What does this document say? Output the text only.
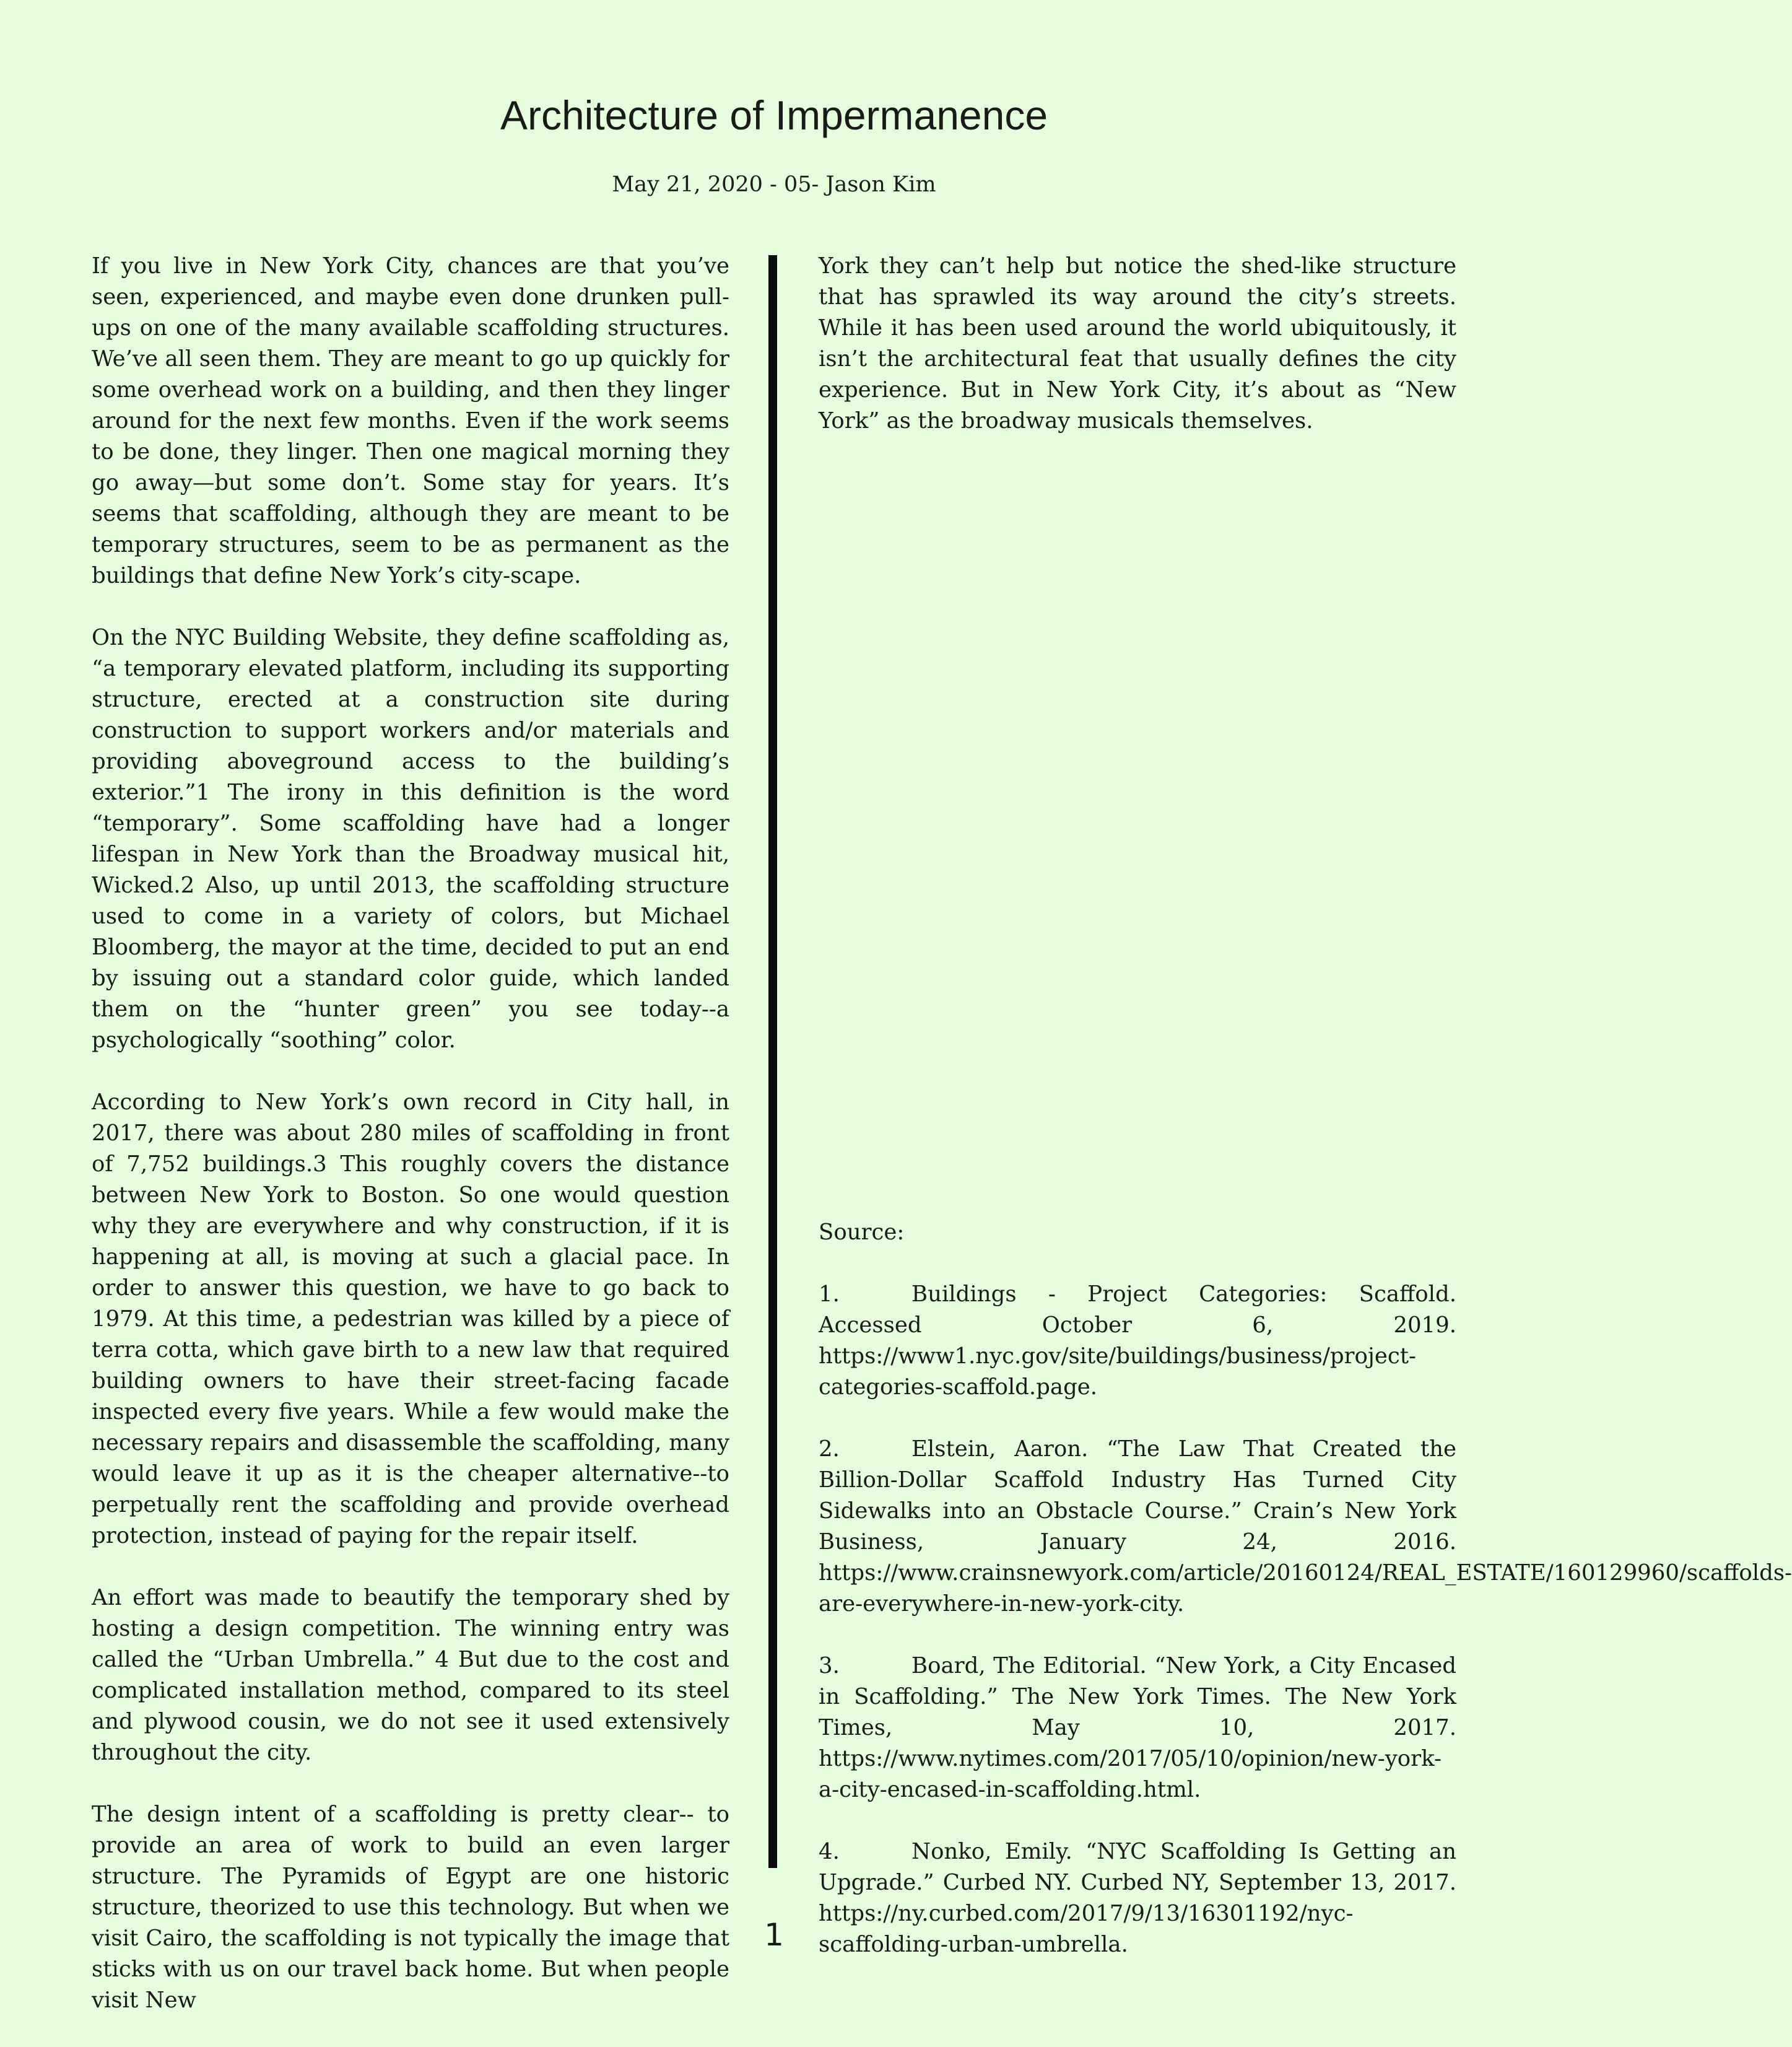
Architecture of Impermanence
May 21, 2020 - 05- Jason Kim

If you live in New York City, chances are that you’ve seen, experienced, and maybe even done drunken pull-ups on one of the many available scaffolding structures. We’ve all seen them. They are meant to go up quickly for some overhead work on a building, and then they linger around for the next few months. Even if the work seems to be done, they linger. Then one magical morning they go away—but some don’t. Some stay for years. It’s seems that scaffolding, although they are meant to be temporary structures, seem to be as permanent as the buildings that define New York’s city-scape.

On the NYC Building Website, they define scaffolding as, “a temporary elevated platform, including its supporting structure, erected at a construction site during construction to support workers and/or materials and providing aboveground access to the building’s exterior.”1 The irony in this definition is the word “temporary”. Some scaffolding have had a longer lifespan in New York than the Broadway musical hit, Wicked.2 Also, up until 2013, the scaffolding structure used to come in a variety of colors, but Michael Bloomberg, the mayor at the time, decided to put an end by issuing out a standard color guide, which landed them on the “hunter green” you see today--a psychologically “soothing” color.

According to New York’s own record in City hall, in 2017, there was about 280 miles of scaffolding in front of 7,752 buildings.3 This roughly covers the distance between New York to Boston. So one would question why they are everywhere and why construction, if it is happening at all, is moving at such a glacial pace. In order to answer this question, we have to go back to 1979. At this time, a pedestrian was killed by a piece of terra cotta, which gave birth to a new law that required building owners to have their street-facing facade inspected every five years. While a few would make the necessary repairs and disassemble the scaffolding, many would leave it up as it is the cheaper alternative--to perpetually rent the scaffolding and provide overhead protection, instead of paying for the repair itself.

An effort was made to beautify the temporary shed by hosting a design competition. The winning entry was called the “Urban Umbrella.” 4 But due to the cost and complicated installation method, compared to its steel and plywood cousin, we do not see it used extensively throughout the city.

The design intent of a scaffolding is pretty clear-- to provide an area of work to build an even larger structure. The Pyramids of Egypt are one historic structure, theorized to use this technology. But when we visit Cairo, the scaffolding is not typically the image that sticks with us on our travel back home. But when people visit New

York they can’t help but notice the shed-like structure that has sprawled its way around the city’s streets. While it has been used around the world ubiquitously, it isn’t the architectural feat that usually defines the city experience. But in New York City, it’s about as “New York” as the broadway musicals themselves.

Source:

1.	Buildings - Project Categories: Scaffold. Accessed October 6, 2019. https://www1.nyc.gov/site/buildings/business/project-categories-scaffold.page.

2.	Elstein, Aaron. “The Law That Created the Billion-Dollar Scaffold Industry Has Turned City Sidewalks into an Obstacle Course.” Crain’s New York Business, January 24, 2016. https://www.crainsnewyork.com/article/20160124/REAL_ESTATE/160129960/scaffolds-are-everywhere-in-new-york-city.

3.	Board, The Editorial. “New York, a City Encased in Scaffolding.” The New York Times. The New York Times, May 10, 2017. https://www.nytimes.com/2017/05/10/opinion/new-york-a-city-encased-in-scaffolding.html.

4.	Nonko, Emily. “NYC Scaffolding Is Getting an Upgrade.” Curbed NY. Curbed NY, September 13, 2017. https://ny.curbed.com/2017/9/13/16301192/nyc-scaffolding-urban-umbrella.

1
